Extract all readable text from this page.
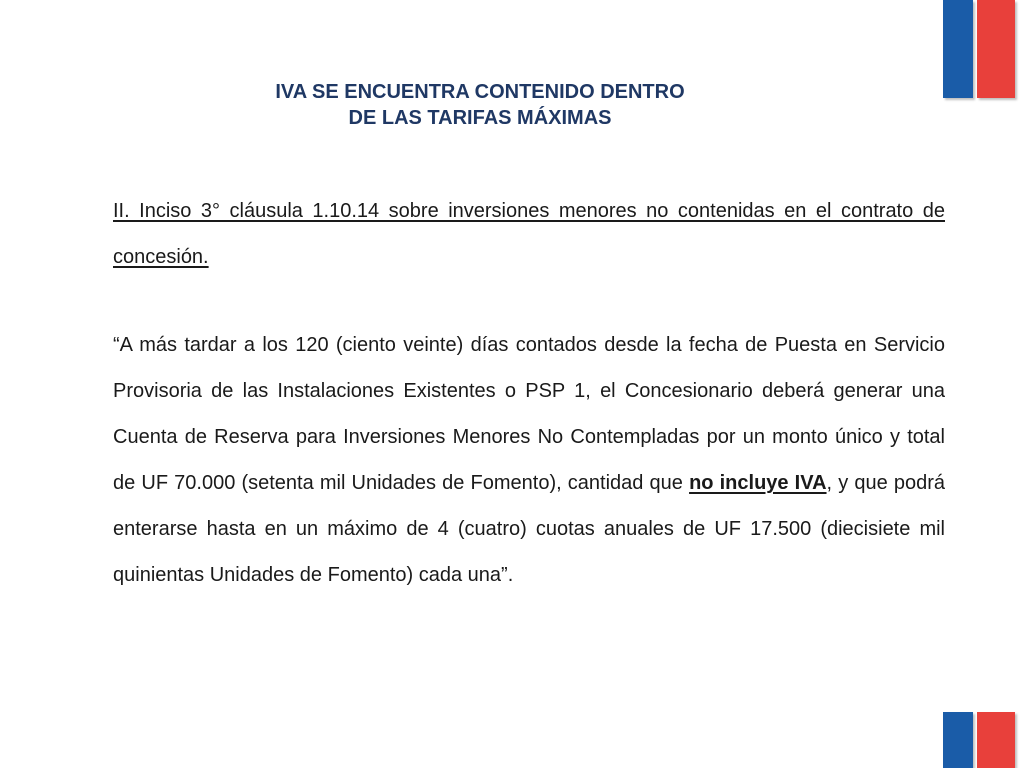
IVA SE ENCUENTRA CONTENIDO DENTRO
DE LAS TARIFAS MÁXIMAS
II. Inciso 3° cláusula 1.10.14 sobre inversiones menores no contenidas en el contrato de concesión.
“A más tardar a los 120 (ciento veinte) días contados desde la fecha de Puesta en Servicio Provisoria de las Instalaciones Existentes o PSP 1, el Concesionario deberá generar una Cuenta de Reserva para Inversiones Menores No Contempladas por un monto único y total de UF 70.000 (setenta mil Unidades de Fomento), cantidad que no incluye IVA, y que podrá enterarse hasta en un máximo de 4 (cuatro) cuotas anuales de UF 17.500 (diecisiete mil quinientas Unidades de Fomento) cada una”.
